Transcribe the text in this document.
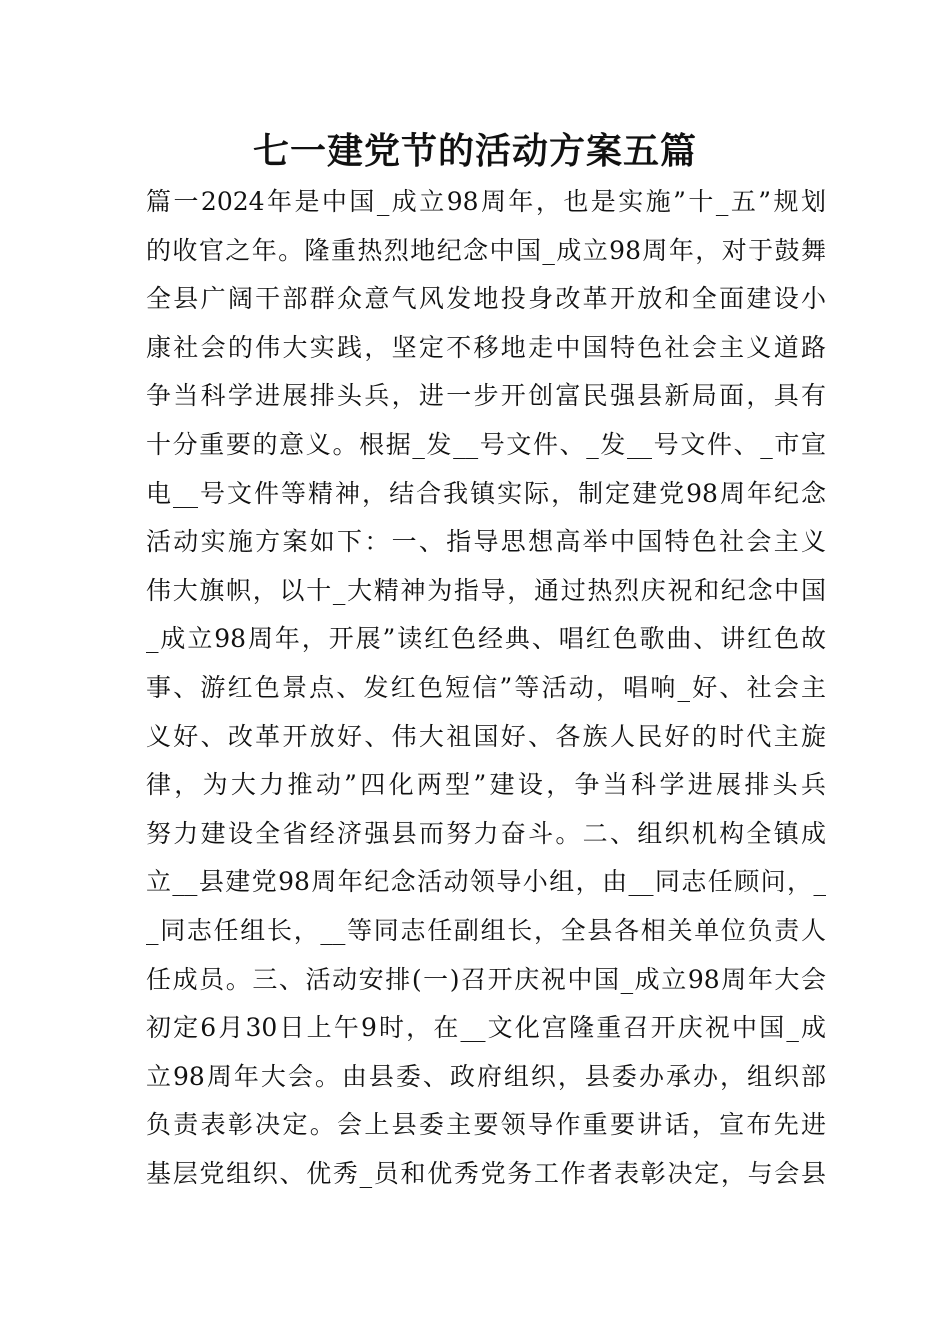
七一建党节的活动方案五篇
篇一2024年是中国_成立98周年，也是实施”十_五”规划
的收官之年。隆重热烈地纪念中国_成立98周年，对于鼓舞
全县广阔干部群众意气风发地投身改革开放和全面建设小
康社会的伟大实践，坚定不移地走中国特色社会主义道路
争当科学进展排头兵，进一步开创富民强县新局面，具有
十分重要的意义。根据_发__号文件、_发__号文件、_市宣
电__号文件等精神，结合我镇实际，制定建党98周年纪念
活动实施方案如下：一、指导思想高举中国特色社会主义
伟大旗帜，以十_大精神为指导，通过热烈庆祝和纪念中国
_成立98周年，开展”读红色经典、唱红色歌曲、讲红色故
事、游红色景点、发红色短信”等活动，唱响_好、社会主
义好、改革开放好、伟大祖国好、各族人民好的时代主旋
律，为大力推动”四化两型”建设，争当科学进展排头兵
努力建设全省经济强县而努力奋斗。二、组织机构全镇成
立__县建党98周年纪念活动领导小组，由__同志任顾问，_
_同志任组长，__等同志任副组长，全县各相关单位负责人
任成员。三、活动安排(一)召开庆祝中国_成立98周年大会
初定6月30日上午9时，在__文化宫隆重召开庆祝中国_成
立98周年大会。由县委、政府组织，县委办承办，组织部
负责表彰决定。会上县委主要领导作重要讲话，宣布先进
基层党组织、优秀_员和优秀党务工作者表彰决定，与会县
